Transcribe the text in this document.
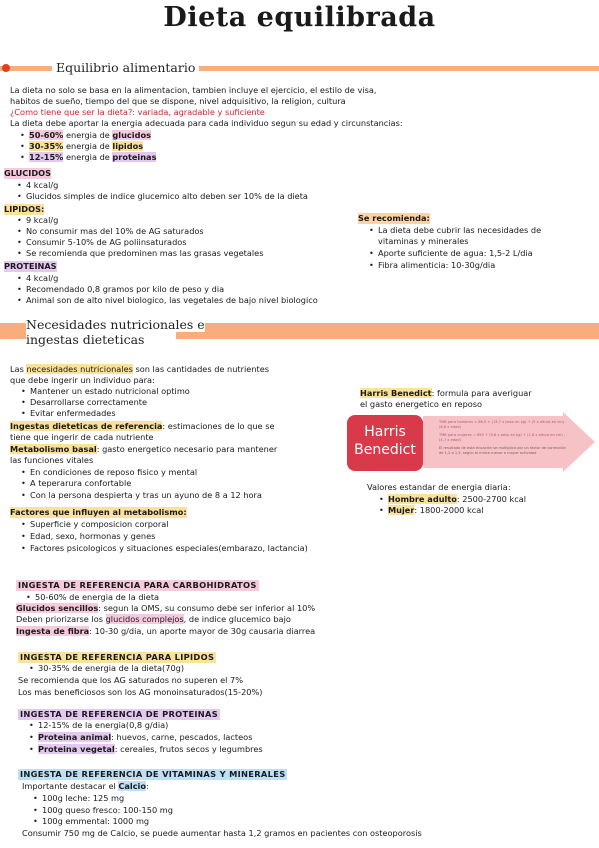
Dieta equilibrada
Equilibrio alimentario
La dieta no solo se basa en la alimentacion, tambien incluye el ejercicio, el estilo de visa,
habitos de sueño, tiempo del que se dispone, nivel adquisitivo, la religion, cultura
¿Como tiene que ser la dieta?: variada, agradable y suficiente
La dieta debe aportar la energia adecuada para cada individuo segun su edad y circunstancias:
• 50-60% energia de glucidos
• 30-35% energia de lipidos
• 12-15% energia de proteinas
GLUCIDOS
• 4 kcal/g
• Glucidos simples de indice glucemico alto deben ser 10% de la dieta
LIPIDOS:
• 9 kcal/g
• No consumir mas del 10% de AG saturados
• Consumir 5-10% de AG poliinsaturados
• Se recomienda que predominen mas las grasas vegetales
PROTEINAS
• 4 kcal/g
• Recomendado 0,8 gramos por kilo de peso y dia
• Animal son de alto nivel biologico, las vegetales de bajo nivel biologico
Se recomienda:
• La dieta debe cubrir las necesidades de
vitaminas y minerales
• Aporte suficiente de agua: 1,5-2 L/dia
• Fibra alimenticia: 10-30g/dia
Necesidades nutricionales e
ingestas dieteticas
Las necesidades nutricionales son las cantidades de nutrientes
que debe ingerir un individuo para:
• Mantener un estado nutricional optimo
• Desarrollarse correctamente
• Evitar enfermedades
Ingestas dieteticas de referencia: estimaciones de lo que se
tiene que ingerir de cada nutriente
Metabolismo basal: gasto energetico necesario para mantener
las funciones vitales
• En condiciones de reposo fisico y mental
• A teperarura confortable
• Con la persona despierta y tras un ayuno de 8 a 12 hora
Factores que influyen al metabolismo:
• Superficie y composicion corporal
• Edad, sexo, hormonas y genes
• Factores psicologicos y situaciones especiales(embarazo, lactancia)
Harris Benedict: formula para averiguar
el gasto energetico en reposo
Harris
Benedict
TMB para hombres = 66,5 + (13,7 x peso en kg) + (5 x altura en cm) - (6,8 x edad)
TMB para mujeres = 655 + (9,6 x peso en kg) + (1,8 x altura en cm) - (4,7 x edad)
El resultado de esta ecuación se multiplica por un factor de corrección de 1,2 a 1,9, según el índice menor o mayor actividad
Valores estandar de energia diaria:
• Hombre adulto: 2500-2700 kcal
• Mujer: 1800-2000 kcal
INGESTA DE REFERENCIA PARA CARBOHIDRATOS
• 50-60% de energia de la dieta
Glucidos sencillos: segun la OMS, su consumo debe ser inferior al 10%
Deben priorizarse los glucidos complejos, de indice glucemico bajo
Ingesta de fibra: 10-30 g/dia, un aporte mayor de 30g causaria diarrea
INGESTA DE REFERENCIA PARA LIPIDOS
• 30-35% de energia de la dieta(70g)
Se recomienda que los AG saturados no superen el 7%
Los mas beneficiosos son los AG monoinsaturados(15-20%)
INGESTA DE REFERENCIA DE PROTEINAS
• 12-15% de la energia(0,8 g/dia)
• Proteina animal: huevos, carne, pescados, lacteos
• Proteina vegetal: cereales, frutos secos y legumbres
INGESTA DE REFERENCIA DE VITAMINAS Y MINERALES
Importante destacar el Calcio:
• 100g leche: 125 mg
• 100g queso fresco: 100-150 mg
• 100g emmental: 1000 mg
Consumir 750 mg de Calcio, se puede aumentar hasta 1,2 gramos en pacientes con osteoporosis
